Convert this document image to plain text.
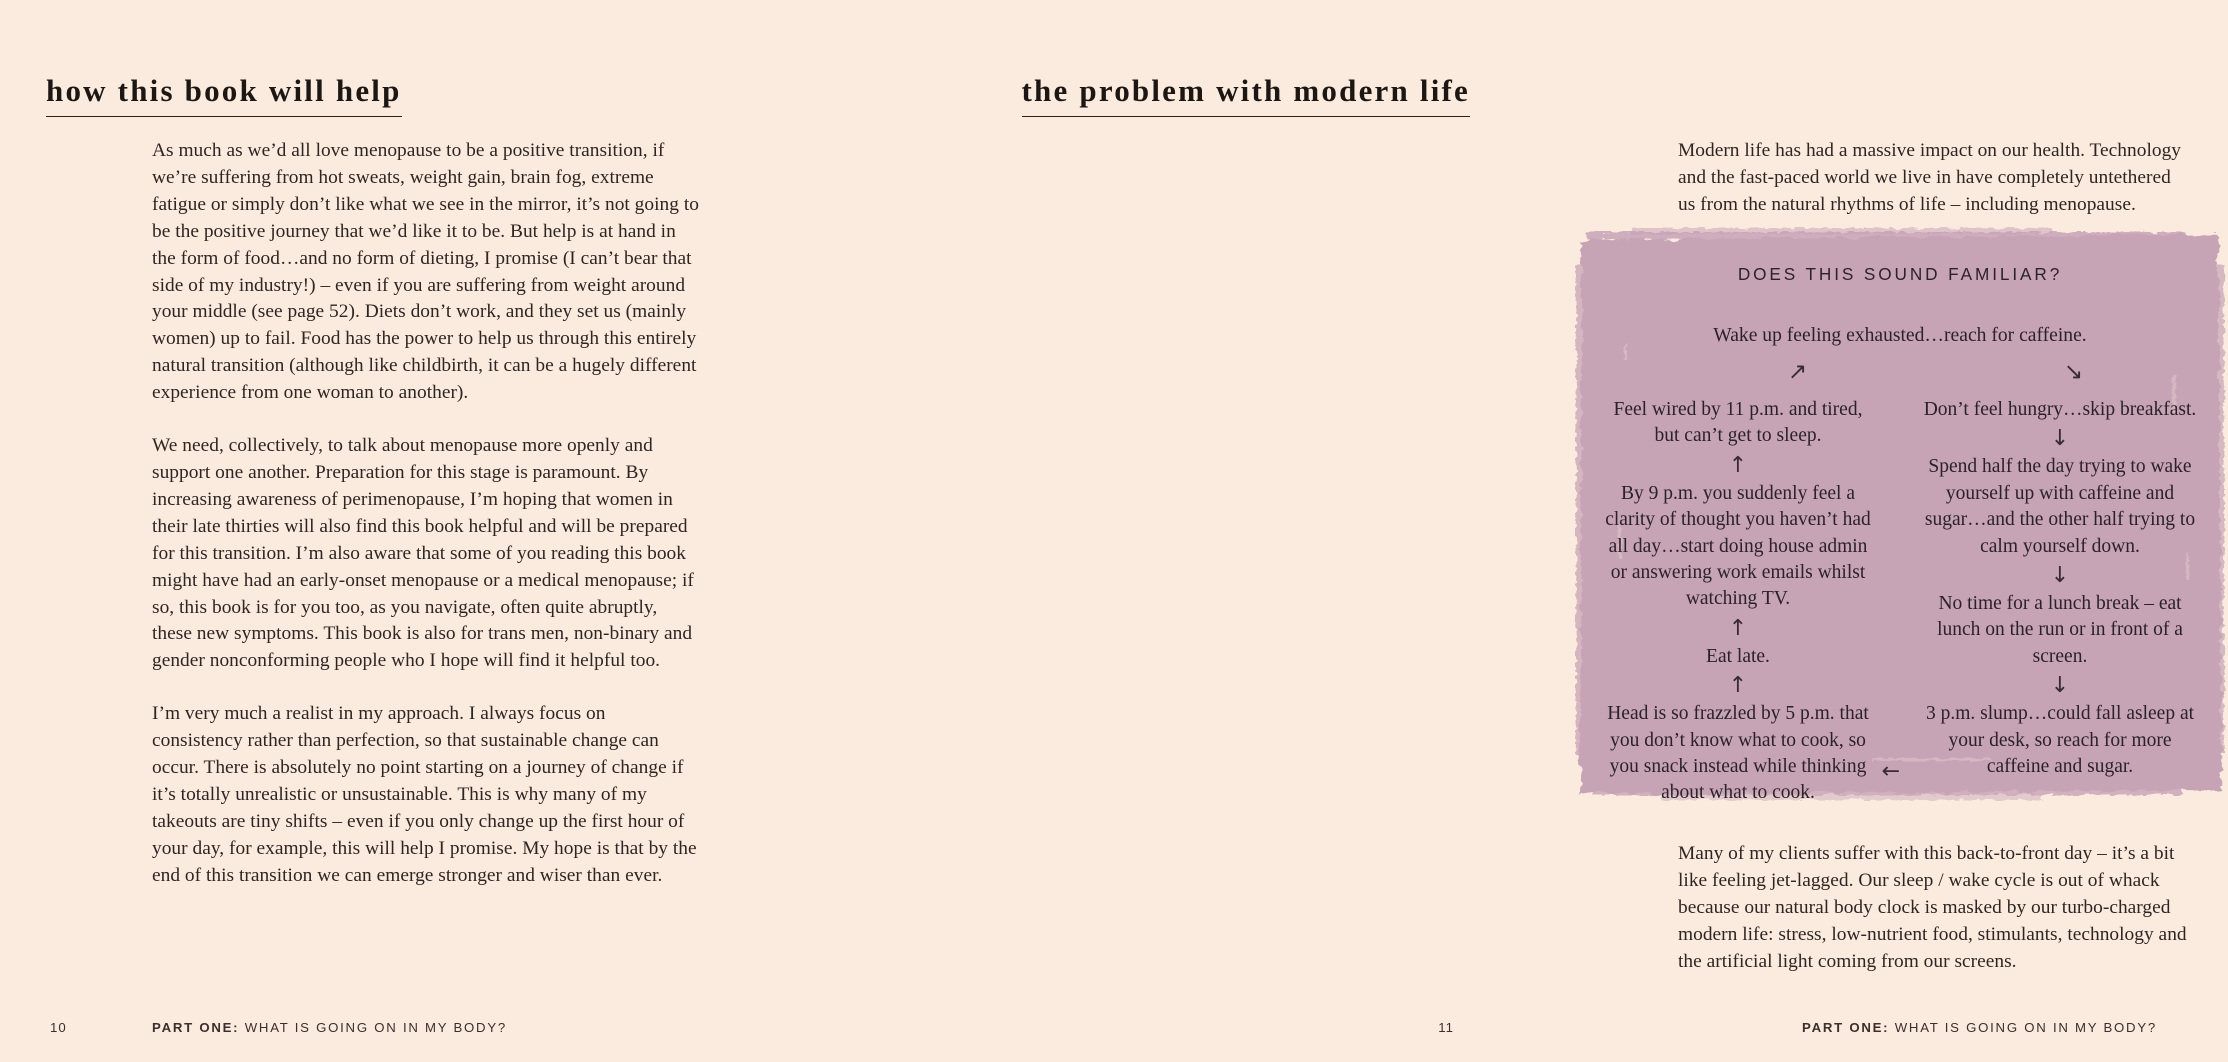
how this book will help

As much as we’d all love menopause to be a positive transition, if we’re suffering from hot sweats, weight gain, brain fog, extreme fatigue or simply don’t like what we see in the mirror, it’s not going to be the positive journey that we’d like it to be. But help is at hand in the form of food…and no form of dieting, I promise (I can’t bear that side of my industry!) – even if you are suffering from weight around your middle (see page 52). Diets don’t work, and they set us (mainly women) up to fail. Food has the power to help us through this entirely natural transition (although like childbirth, it can be a hugely different experience from one woman to another).

We need, collectively, to talk about menopause more openly and support one another. Preparation for this stage is paramount. By increasing awareness of perimenopause, I’m hoping that women in their late thirties will also find this book helpful and will be prepared for this transition. I’m also aware that some of you reading this book might have had an early-onset menopause or a medical menopause; if so, this book is for you too, as you navigate, often quite abruptly, these new symptoms. This book is also for trans men, non-binary and gender nonconforming people who I hope will find it helpful too.

I’m very much a realist in my approach. I always focus on consistency rather than perfection, so that sustainable change can occur. There is absolutely no point starting on a journey of change if it’s totally unrealistic or unsustainable. This is why many of my takeouts are tiny shifts – even if you only change up the first hour of your day, for example, this will help I promise. My hope is that by the end of this transition we can emerge stronger and wiser than ever.

10	PART ONE: WHAT IS GOING ON IN MY BODY?
the problem with modern life

Modern life has had a massive impact on our health. Technology and the fast-paced world we live in have completely untethered us from the natural rhythms of life – including menopause.

DOES THIS SOUND FAMILIAR?
Wake up feeling exhausted…reach for caffeine.
↗	↘
Feel wired by 11 p.m. and tired, but can’t get to sleep.
↑
By 9 p.m. you suddenly feel a clarity of thought you haven’t had all day…start doing house admin or answering work emails whilst watching TV.
↑
Eat late.
↑
Head is so frazzled by 5 p.m. that you don’t know what to cook, so you snack instead while thinking about what to cook.
←
Don’t feel hungry…skip breakfast.
↓
Spend half the day trying to wake yourself up with caffeine and sugar…and the other half trying to calm yourself down.
↓
No time for a lunch break – eat lunch on the run or in front of a screen.
↓
3 p.m. slump…could fall asleep at your desk, so reach for more caffeine and sugar.

Many of my clients suffer with this back-to-front day – it’s a bit like feeling jet-lagged. Our sleep / wake cycle is out of whack because our natural body clock is masked by our turbo-charged modern life: stress, low-nutrient food, stimulants, technology and the artificial light coming from our screens.

PART ONE: WHAT IS GOING ON IN MY BODY?
11
